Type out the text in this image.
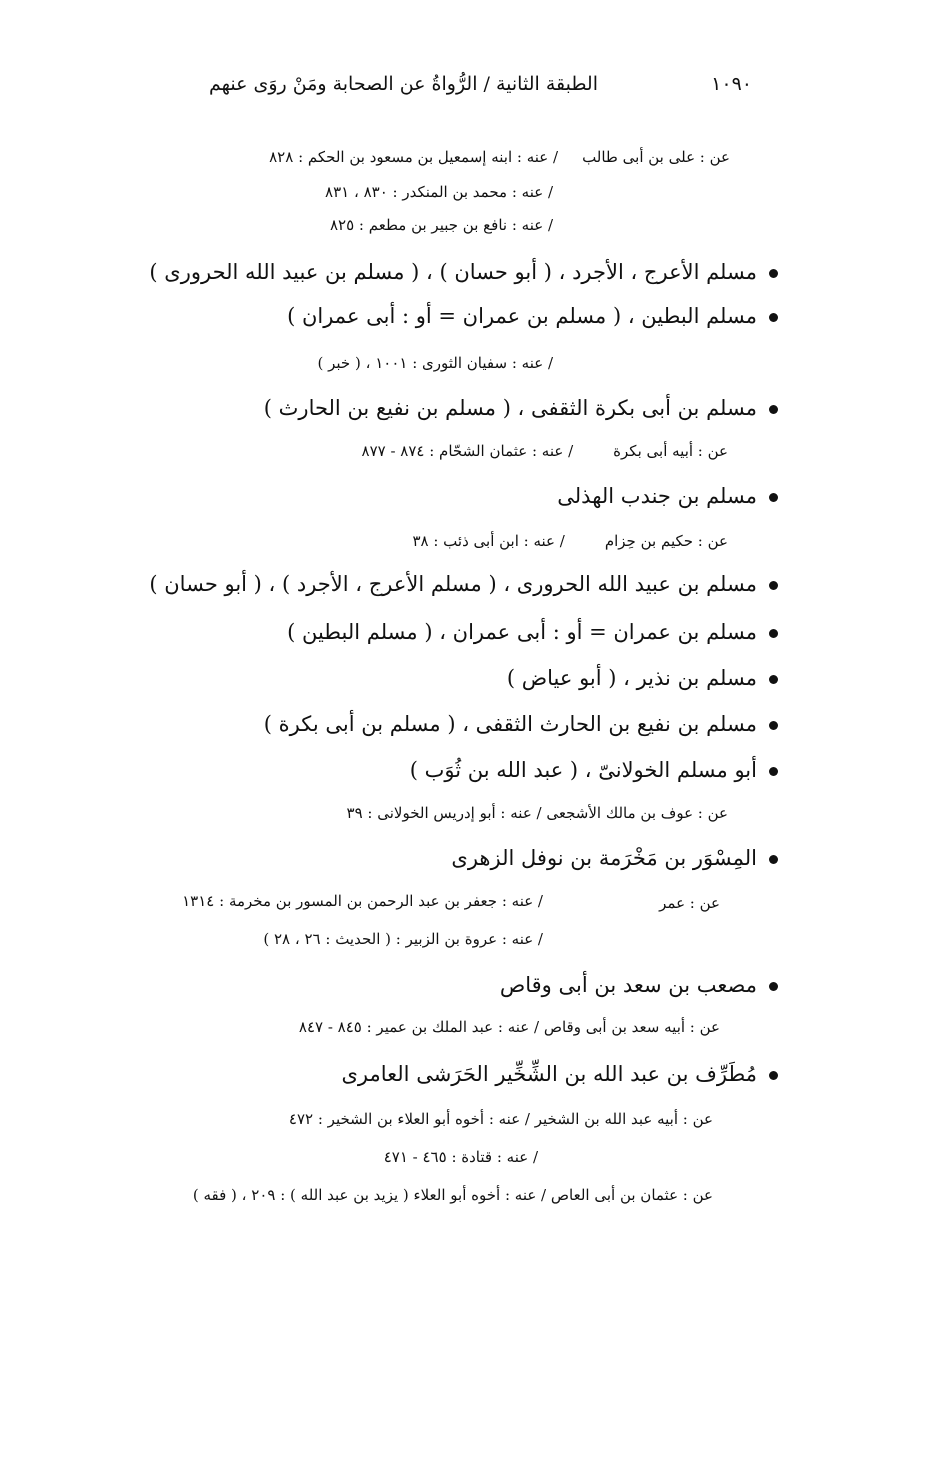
١٠٩٠
الطبقة الثانية / الرُّواةُ عن الصحابة ومَنْ روَى عنهم
عن : على بن أبى طالب/ عنه : ابنه إسمعيل بن مسعود بن الحكم : ٨٢٨
/ عنه : محمد بن المنكدر : ٨٣٠ ، ٨٣١
/ عنه : نافع بن جبير بن مطعم : ٨٢٥
مسلم الأعرج ، الأجرد ، ( أبو حسان ) ، ( مسلم بن عبيد الله الحرورى )
مسلم البطين ، ( مسلم بن عمران = أو : أبى عمران )
/ عنه : سفيان الثورى : ١٠٠١ ، ( خبر )
مسلم بن أبى بكرة الثقفى ، ( مسلم بن نفيع بن الحارث )
عن : أبيه أبى بكرة/ عنه : عثمان الشحّام : ٨٧٤ - ٨٧٧
مسلم بن جندب الهذلى
عن : حكيم بن حِزام/ عنه : ابن أبى ذئب : ٣٨
مسلم بن عبيد الله الحرورى ، ( مسلم الأعرج ، الأجرد ) ، ( أبو حسان )
مسلم بن عمران = أو : أبى عمران ، ( مسلم البطين )
مسلم بن نذير ، ( أبو عياض )
مسلم بن نفيع بن الحارث الثقفى ، ( مسلم بن أبى بكرة )
أبو مسلم الخولانىّ ، ( عبد الله بن ثُوَب )
عن : عوف بن مالك الأشجعى / عنه : أبو إدريس الخولانى : ٣٩
المِسْوَر بن مَخْرَمة بن نوفل الزهرى
عن : عمر
/ عنه : جعفر بن عبد الرحمن بن المسور بن مخرمة : ١٣١٤
/ عنه : عروة بن الزبير : ( الحديث : ٢٦ ، ٢٨ )
مصعب بن سعد بن أبى وقاص
عن : أبيه سعد بن أبى وقاص / عنه : عبد الملك بن عمير : ٨٤٥ - ٨٤٧
مُطَرِّف بن عبد الله بن الشِّخِّير الحَرَشى العامرى
عن : أبيه عبد الله بن الشخير / عنه : أخوه أبو العلاء بن الشخير : ٤٧٢
/ عنه : قتادة : ٤٦٥ - ٤٧١
عن : عثمان بن أبى العاص / عنه : أخوه أبو العلاء ( يزيد بن عبد الله ) : ٢٠٩ ، ( فقه )
